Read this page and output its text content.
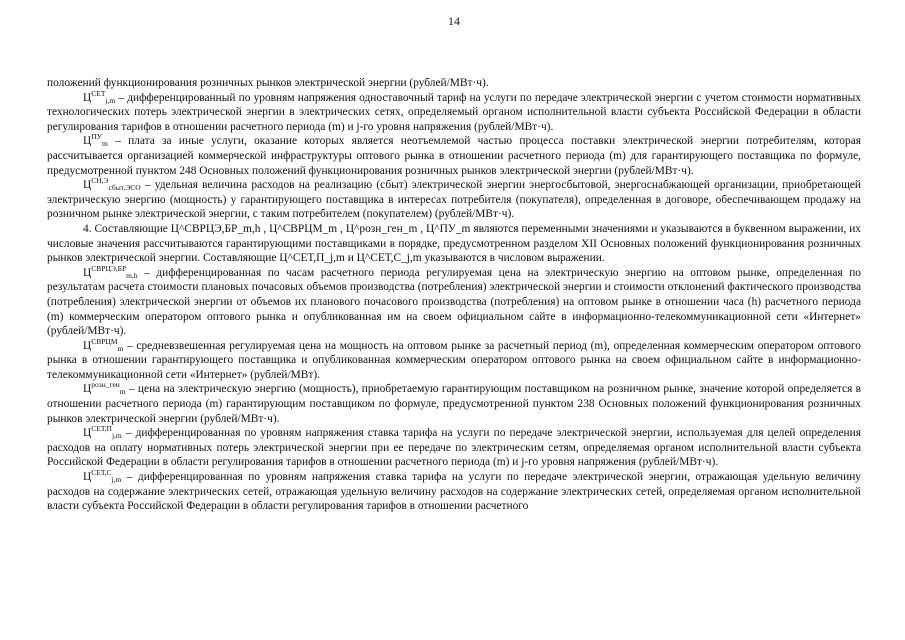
14

положений функционирования розничных рынков электрической энергии (рублей/МВт·ч).

$Ц^{СЕТ}_{j,m}$ – дифференцированный по уровням напряжения одноставочный тариф на услуги по передаче электрической энергии с учетом стоимости нормативных технологических потерь электрической энергии в электрических сетях, определяемый органом исполнительной власти субъекта Российской Федерации в области регулирования тарифов в отношении расчетного периода (m) и j-го уровня напряжения (рублей/МВт·ч).

$Ц^{ПУ}_m$ – плата за иные услуги, оказание которых является неотъемлемой частью процесса поставки электрической энергии потребителям, которая рассчитывается организацией коммерческой инфраструктуры оптового рынка в отношении расчетного периода (m) для гарантирующего поставщика по формуле, предусмотренной пунктом 248 Основных положений функционирования розничных рынков электрической энергии (рублей/МВт·ч).

$Ц^{СН,Э}_{сбыт,ЭСО}$ – удельная величина расходов на реализацию (сбыт) электрической энергии энергосбытовой, энергоснабжающей организации, приобретающей электрическую энергию (мощность) у гарантирующего поставщика в интересах потребителя (покупателя), определенная в договоре, обеспечивающем продажу на розничном рынке электрической энергии, с таким потребителем (покупателем) (рублей/МВт·ч).

4. Составляющие Ц^СВРЦЭ,БР_m,h , Ц^СВРЦМ_m , Ц^розн_ген_m , Ц^ПУ_m являются переменными значениями и указываются в буквенном выражении, их числовые значения рассчитываются гарантирующими поставщиками в порядке, предусмотренном разделом XII Основных положений функционирования розничных рынков электрической энергии. Составляющие Ц^СЕТ,П_j,m и Ц^СЕТ,С_j,m указываются в числовом выражении.

$Ц^{СВРЦЭ,БР}_{m,h}$ – дифференцированная по часам расчетного периода регулируемая цена на электрическую энергию на оптовом рынке, определенная по результатам расчета стоимости плановых почасовых объемов производства (потребления) электрической энергии и стоимости отклонений фактического производства (потребления) электрической энергии от объемов их планового почасового производства (потребления) на оптовом рынке в отношении часа (h) расчетного периода (m) коммерческим оператором оптового рынка и опубликованная им на своем официальном сайте в информационно-телекоммуникационной сети «Интернет» (рублей/МВт·ч).

$Ц^{СВРЦМ}_m$ – средневзвешенная регулируемая цена на мощность на оптовом рынке за расчетный период (m), определенная коммерческим оператором оптового рынка в отношении гарантирующего поставщика и опубликованная коммерческим оператором оптового рынка на своем официальном сайте в информационно-телекоммуникационной сети «Интернет» (рублей/МВт).

$Ц^{розн\_ген}_m$ – цена на электрическую энергию (мощность), приобретаемую гарантирующим поставщиком на розничном рынке, значение которой определяется в отношении расчетного периода (m) гарантирующим поставщиком по формуле, предусмотренной пунктом 238 Основных положений функционирования розничных рынков электрической энергии (рублей/МВт·ч).

$Ц^{СЕТ,П}_{j,m}$ – дифференцированная по уровням напряжения ставка тарифа на услуги по передаче электрической энергии, используемая для целей определения расходов на оплату нормативных потерь электрической энергии при ее передаче по электрическим сетям, определяемая органом исполнительной власти субъекта Российской Федерации в области регулирования тарифов в отношении расчетного периода (m) и j-го уровня напряжения (рублей/МВт·ч).

$Ц^{СЕТ,С}_{j,m}$ – дифференцированная по уровням напряжения ставка тарифа на услуги по передаче электрической энергии, отражающая удельную величину расходов на содержание электрических сетей, отражающая удельную величину расходов на содержание электрических сетей, определяемая органом исполнительной власти субъекта Российской Федерации в области регулирования тарифов в отношении расчетного
